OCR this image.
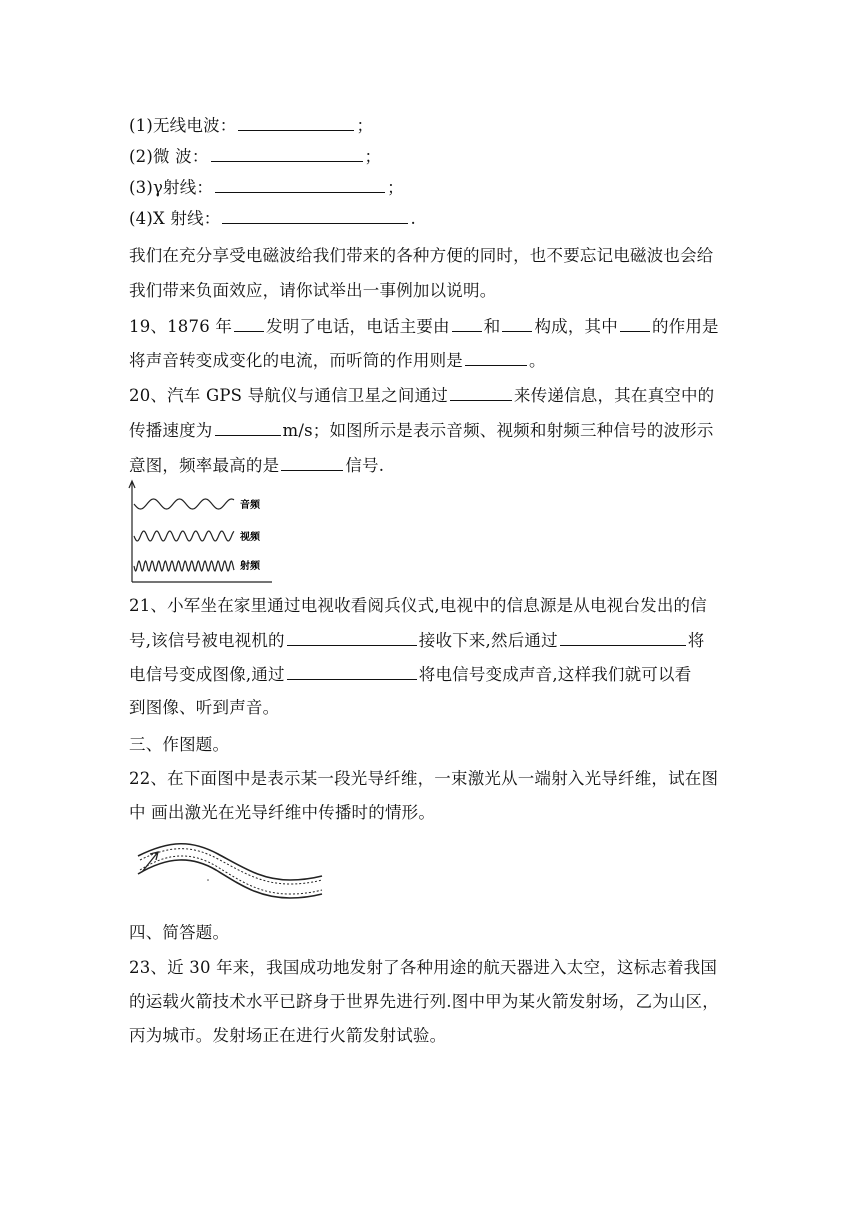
(1)无线电波：	；
(2)微 波：	；
(3)γ射线：	；
(4)X 射线：	.
我们在充分享受电磁波给我们带来的各种方便的同时，也不要忘记电磁波也会给
我们带来负面效应，请你试举出一事例加以说明。
19、1876 年 发明了电话，电话主要由 和 构成，其中 的作用是
将声音转变成变化的电流，而听筒的作用则是	。
20、汽车 GPS 导航仪与通信卫星之间通过	来传递信息，其在真空中的
传播速度为	m/s；如图所示是表示音频、视频和射频三种信号的波形示
意图，频率最高的是	信号.
音频
视频
射频
21、小军坐在家里通过电视收看阅兵仪式,电视中的信息源是从电视台发出的信
号,该信号被电视机的	接收下来,然后通过	将
电信号变成图像,通过	将电信号变成声音,这样我们就可以看
到图像、听到声音。
三、作图题。
22、在下面图中是表示某一段光导纤维，一束激光从一端射入光导纤维，试在图
中 画出激光在光导纤维中传播时的情形。
四、简答题。
23、近 30 年来，我国成功地发射了各种用途的航天器进入太空，这标志着我国
的运载火箭技术水平已跻身于世界先进行列.图中甲为某火箭发射场，乙为山区，
丙为城市。发射场正在进行火箭发射试验。
